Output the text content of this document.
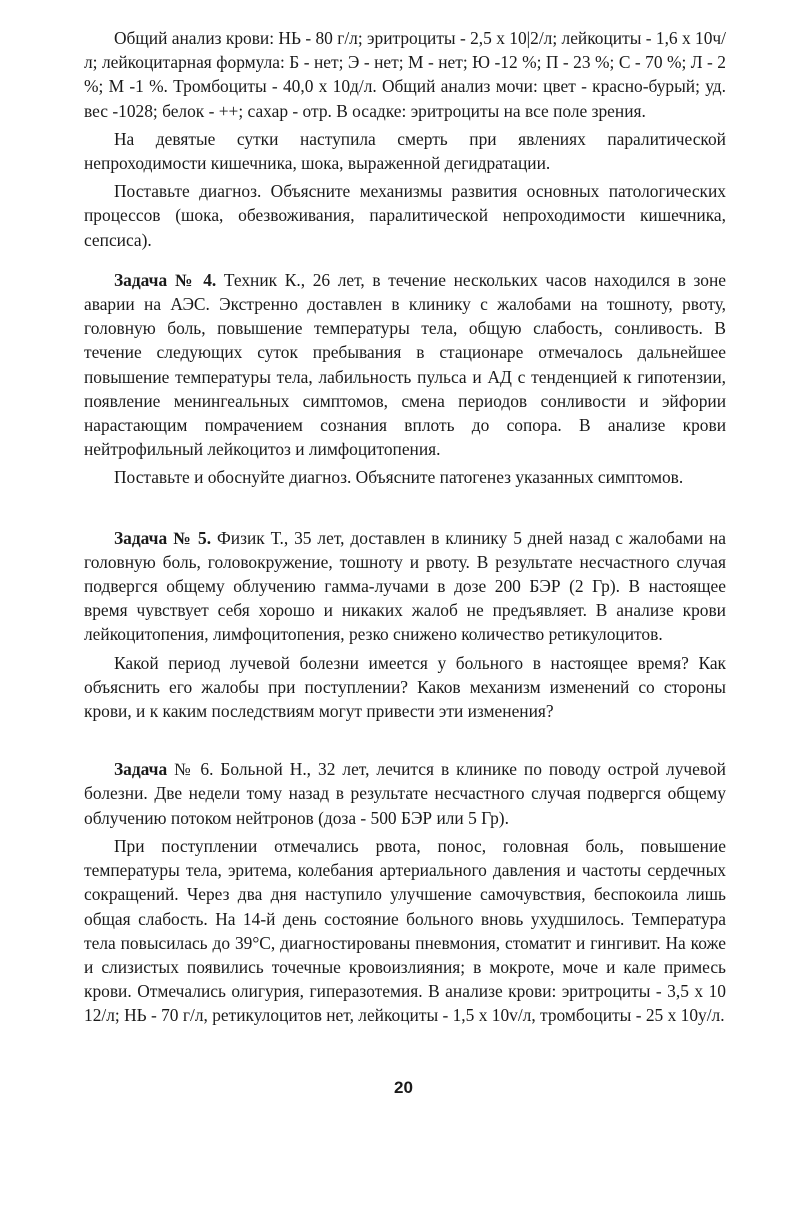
Общий анализ крови: НЬ - 80 г/л; эритроциты - 2,5 х 10|2/л; лейкоциты - 1,6 х 10ч/л; лейкоцитарная формула: Б - нет; Э - нет; М - нет; Ю -12 %; П - 23 %; С - 70 %; Л - 2 %; М -1 %. Тромбоциты - 40,0 х 10д/л. Общий анализ мочи: цвет - красно-бурый; уд. вес -1028; белок - ++; сахар - отр. В осадке: эритроциты на все поле зрения.

На девятые сутки наступила смерть при явлениях паралитической непроходимости кишечника, шока, выраженной дегидратации.

Поставьте диагноз. Объясните механизмы развития основных патологических процессов (шока, обезвоживания, паралитической непроходимости кишечника, сепсиса).

Задача № 4. Техник К., 26 лет, в течение нескольких часов находился в зоне аварии на АЭС. Экстренно доставлен в клинику с жалобами на тошноту, рвоту, головную боль, повышение температуры тела, общую слабость, сонливость. В течение следующих суток пребывания в стационаре отмечалось дальнейшее повышение температуры тела, лабильность пульса и АД с тенденцией к гипотензии, появление менингеальных симптомов, смена периодов сонливости и эйфории нарастающим помрачением сознания вплоть до сопора. В анализе крови нейтрофильный лейкоцитоз и лимфоцитопения.

Поставьте и обоснуйте диагноз. Объясните патогенез указанных симптомов.

Задача № 5. Физик Т., 35 лет, доставлен в клинику 5 дней назад с жалобами на головную боль, головокружение, тошноту и рвоту. В результате несчастного случая подвергся общему облучению гамма-лучами в дозе 200 БЭР (2 Гр). В настоящее время чувствует себя хорошо и никаких жалоб не предъявляет. В анализе крови лейкоцитопения, лимфоцитопения, резко снижено количество ретикулоцитов.

Какой период лучевой болезни имеется у больного в настоящее время? Как объяснить его жалобы при поступлении? Каков механизм изменений со стороны крови, и к каким последствиям могут привести эти изменения?

Задача № 6. Больной Н., 32 лет, лечится в клинике по поводу острой лучевой болезни. Две недели тому назад в результате несчастного случая подвергся общему облучению потоком нейтронов (доза - 500 БЭР или 5 Гр).

При поступлении отмечались рвота, понос, головная боль, повышение температуры тела, эритема, колебания артериального давления и частоты сердечных сокращений. Через два дня наступило улучшение самочувствия, беспокоила лишь общая слабость. На 14-й день состояние больного вновь ухудшилось. Температура тела повысилась до 39°С, диагностированы пневмония, стоматит и гингивит. На коже и слизистых появились точечные кровоизлияния; в мокроте, моче и кале примесь крови. Отмечались олигурия, гиперазотемия. В анализе крови: эритроциты - 3,5 х 10 12/л; НЬ - 70 г/л, ретикулоцитов нет, лейкоциты - 1,5 х 10v/л, тромбоциты - 25 х 10у/л.

20
